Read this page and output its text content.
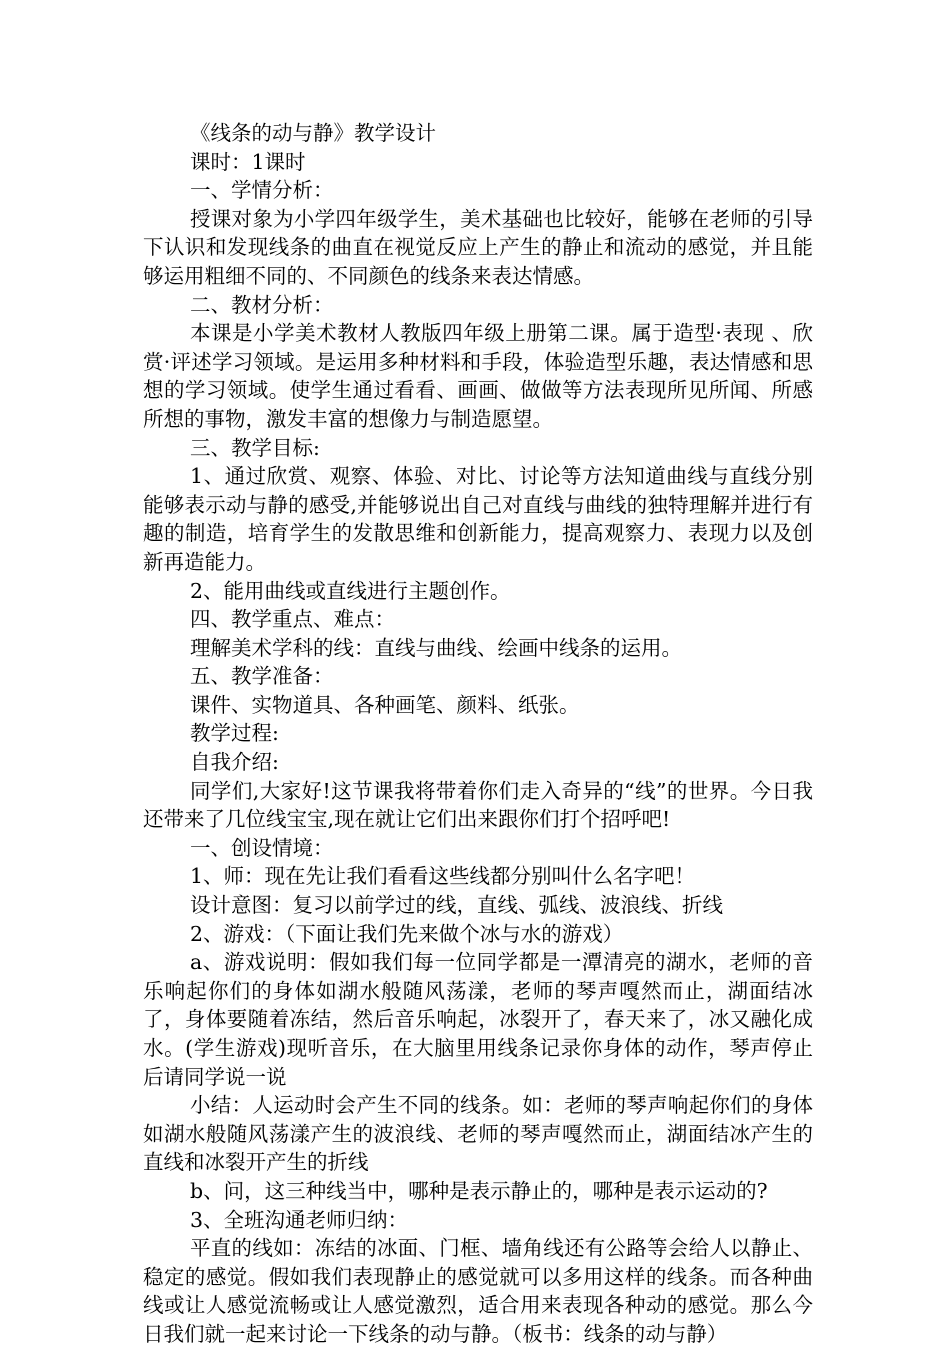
《线条的动与静》教学设计

课时：1课时

一、学情分析：

授课对象为小学四年级学生，美术基础也比较好，能够在老师的引导下认识和发现线条的曲直在视觉反应上产生的静止和流动的感觉，并且能够运用粗细不同的、不同颜色的线条来表达情感。

二、教材分析：

本课是小学美术教材人教版四年级上册第二课。属于造型·表现 、欣赏·评述学习领域。是运用多种材料和手段，体验造型乐趣，表达情感和思想的学习领域。使学生通过看看、画画、做做等方法表现所见所闻、所感所想的事物，激发丰富的想像力与制造愿望。

三、教学目标:

1、通过欣赏、观察、体验、对比、讨论等方法知道曲线与直线分别能够表示动与静的感受,并能够说出自己对直线与曲线的独特理解并进行有趣的制造，培育学生的发散思维和创新能力，提高观察力、表现力以及创新再造能力。

2、能用曲线或直线进行主题创作。

四、教学重点、难点：

理解美术学科的线：直线与曲线、绘画中线条的运用。

五、教学准备：

课件、实物道具、各种画笔、颜料、纸张。

教学过程:

自我介绍:

同学们,大家好!这节课我将带着你们走入奇异的“线”的世界。今日我还带来了几位线宝宝,现在就让它们出来跟你们打个招呼吧!

一、创设情境：

1、师：现在先让我们看看这些线都分别叫什么名字吧！

设计意图：复习以前学过的线，直线、弧线、波浪线、折线

2、游戏：（下面让我们先来做个冰与水的游戏）

a、游戏说明：假如我们每一位同学都是一潭清亮的湖水，老师的音乐响起你们的身体如湖水般随风荡漾，老师的琴声嘎然而止，湖面结冰了，身体要随着冻结，然后音乐响起，冰裂开了，春天来了，冰又融化成水。(学生游戏)现听音乐，在大脑里用线条记录你身体的动作，琴声停止后请同学说一说

小结：人运动时会产生不同的线条。如：老师的琴声响起你们的身体如湖水般随风荡漾产生的波浪线、老师的琴声嘎然而止，湖面结冰产生的直线和冰裂开产生的折线

b、问，这三种线当中，哪种是表示静止的，哪种是表示运动的?

3、全班沟通老师归纳：

平直的线如：冻结的冰面、门框、墙角线还有公路等会给人以静止、稳定的感觉。假如我们表现静止的感觉就可以多用这样的线条。而各种曲线或让人感觉流畅或让人感觉激烈，适合用来表现各种动的感觉。那么今日我们就一起来讨论一下线条的动与静。（板书：线条的动与静）
